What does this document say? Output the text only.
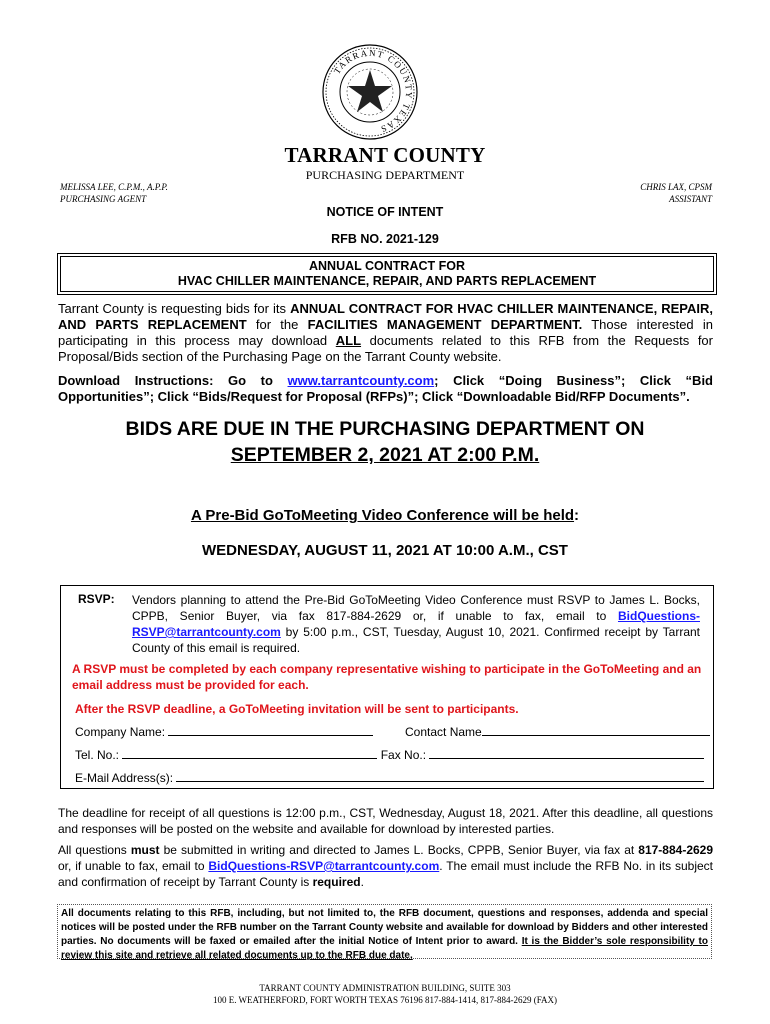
TARRANT COUNTY TEXAS
TARRANT COUNTY
PURCHASING DEPARTMENT
MELISSA LEE, C.P.M., A.P.P.
PURCHASING AGENT
CHRIS LAX, CPSM
ASSISTANT
NOTICE OF INTENT
RFB NO. 2021-129
ANNUAL CONTRACT FOR
HVAC CHILLER MAINTENANCE, REPAIR, AND PARTS REPLACEMENT
Tarrant County is requesting bids for its ANNUAL CONTRACT FOR HVAC CHILLER MAINTENANCE, REPAIR, AND PARTS REPLACEMENT for the FACILITIES MANAGEMENT DEPARTMENT. Those interested in participating in this process may download ALL documents related to this RFB from the Requests for Proposal/Bids section of the Purchasing Page on the Tarrant County website.
Download Instructions: Go to www.tarrantcounty.com; Click “Doing Business”; Click “Bid Opportunities”; Click “Bids/Request for Proposal (RFPs)”; Click “Downloadable Bid/RFP Documents”.
BIDS ARE DUE IN THE PURCHASING DEPARTMENT ON
SEPTEMBER 2, 2021 AT 2:00 P.M.
A Pre-Bid GoToMeeting Video Conference will be held:
WEDNESDAY, AUGUST 11, 2021 AT 10:00 A.M., CST
RSVP: Vendors planning to attend the Pre-Bid GoToMeeting Video Conference must RSVP to James L. Bocks, CPPB, Senior Buyer, via fax 817-884-2629 or, if unable to fax, email to BidQuestions-RSVP@tarrantcounty.com by 5:00 p.m., CST, Tuesday, August 10, 2021. Confirmed receipt by Tarrant County of this email is required.
A RSVP must be completed by each company representative wishing to participate in the GoToMeeting and an email address must be provided for each.
After the RSVP deadline, a GoToMeeting invitation will be sent to participants.
Company Name:	Contact Name
Tel. No.:	Fax No.:
E-Mail Address(s):
The deadline for receipt of all questions is 12:00 p.m., CST, Wednesday, August 18, 2021. After this deadline, all questions and responses will be posted on the website and available for download by interested parties.
All questions must be submitted in writing and directed to James L. Bocks, CPPB, Senior Buyer, via fax at 817-884-2629 or, if unable to fax, email to BidQuestions-RSVP@tarrantcounty.com. The email must include the RFB No. in its subject and confirmation of receipt by Tarrant County is required.
All documents relating to this RFB, including, but not limited to, the RFB document, questions and responses, addenda and special notices will be posted under the RFB number on the Tarrant County website and available for download by Bidders and other interested parties. No documents will be faxed or emailed after the initial Notice of Intent prior to award. It is the Bidder’s sole responsibility to review this site and retrieve all related documents up to the RFB due date.
TARRANT COUNTY ADMINISTRATION BUILDING, SUITE 303
100 E. WEATHERFORD, FORT WORTH TEXAS 76196 817-884-1414, 817-884-2629 (FAX)
